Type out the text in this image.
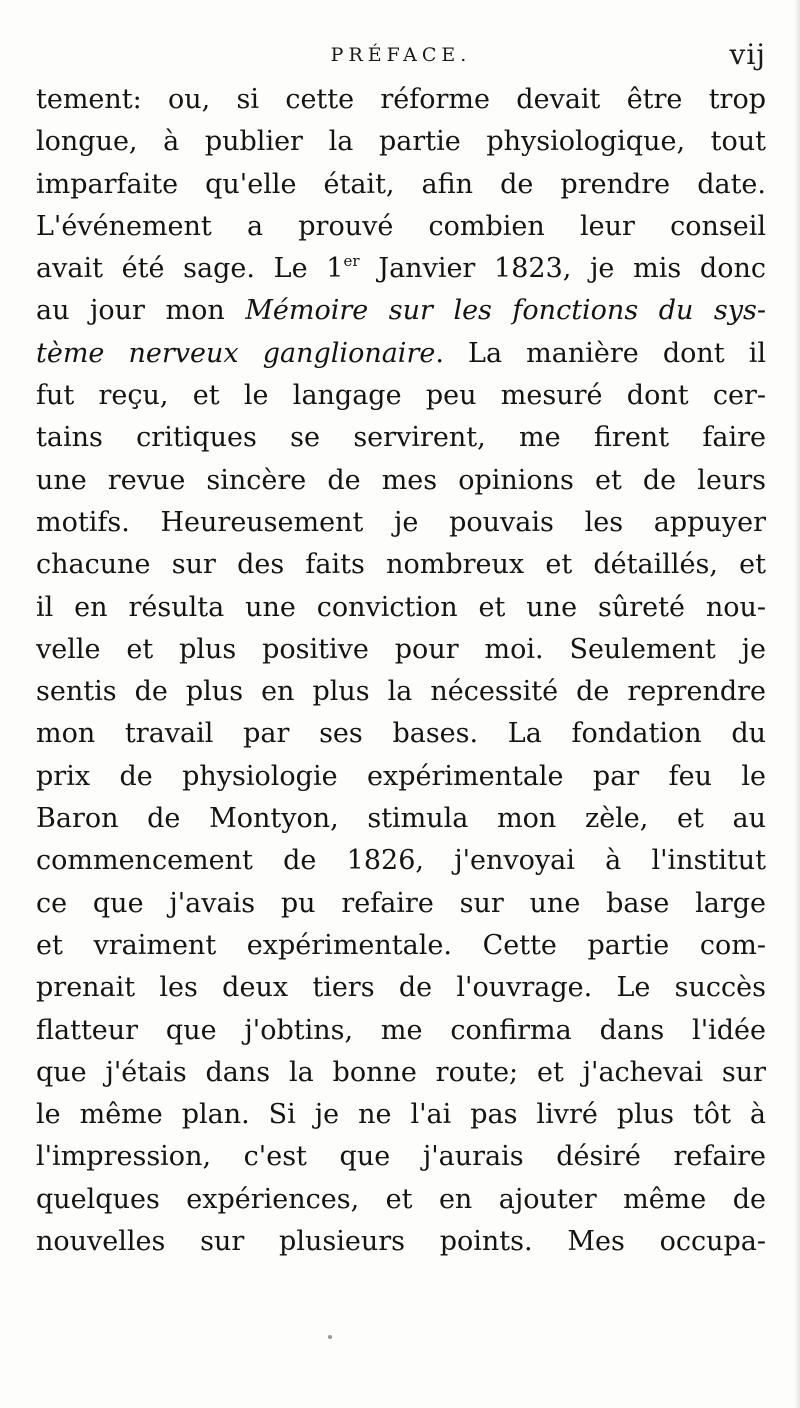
PRÉFACE.	vij
tement: ou, si cette réforme devait être trop
longue, à publier la partie physiologique, tout
imparfaite qu'elle était, afin de prendre date.
L'événement a prouvé combien leur conseil
avait été sage. Le 1er Janvier 1823, je mis donc
au jour mon Mémoire sur les fonctions du sys-
tème nerveux ganglionaire. La manière dont il
fut reçu, et le langage peu mesuré dont cer-
tains critiques se servirent, me firent faire
une revue sincère de mes opinions et de leurs
motifs. Heureusement je pouvais les appuyer
chacune sur des faits nombreux et détaillés, et
il en résulta une conviction et une sûreté nou-
velle et plus positive pour moi. Seulement je
sentis de plus en plus la nécessité de reprendre
mon travail par ses bases. La fondation du
prix de physiologie expérimentale par feu le
Baron de Montyon, stimula mon zèle, et au
commencement de 1826, j'envoyai à l'institut
ce que j'avais pu refaire sur une base large
et vraiment expérimentale. Cette partie com-
prenait les deux tiers de l'ouvrage. Le succès
flatteur que j'obtins, me confirma dans l'idée
que j'étais dans la bonne route; et j'achevai sur
le même plan. Si je ne l'ai pas livré plus tôt à
l'impression, c'est que j'aurais désiré refaire
quelques expériences, et en ajouter même de
nouvelles sur plusieurs points. Mes occupa-
